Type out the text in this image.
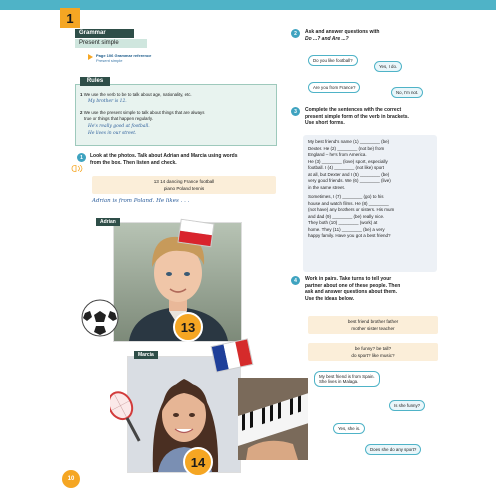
1
Grammar
Present simple
Page 106 Grammar reference
Present simple
Rules
1 We use the verb to be to talk about age, nationality, etc.
My brother is 12.
2 We use the present simple to talk about things that are always
true or things that happen regularly.
He's really good at football.
He lives in our street.
1	Look at the photos. Talk about Adrian and Marcia using words
from the box. Then listen and check.
13 14 dancing France football
piano Poland tennis
Adrian is from Poland. He likes . . .
Adrian
13
Marcia
14
2	Ask and answer questions with
Do ...? and Are ...?
Do you like football?
Yes, I do.
Are you from France?
No, I'm not.
3	Complete the sentences with the correct
present simple form of the verb in brackets.
Use short forms.
My best friend's name (1) ________ (be)
Dexter. He (2) ________ (not be) from
England – he's from America.
He (3) ________ (love) sport, especially
football. I (4) ________ (not like) sport
at all, but Dexter and I (5) ________ (be)
very good friends. We (6) ________ (live)
in the same street.
Sometimes, I (7) ________ (go) to his
house and watch films. He (8) ________
(not have) any brothers or sisters. His mum
and dad (9) ________ (be) really nice.
They both (10) ________ (work) at
home. They (11) ________ (be) a very
happy family. Have you got a best friend?
4	Work in pairs. Take turns to tell your
partner about one of these people. Then
ask and answer questions about them.
Use the ideas below.
best friend brother father
mother sister teacher
be funny? be tall?
do sport? like music?
My best friend is from Spain.
She lives in Malaga.
Is she funny?
Yes, she is.
Does she do any sport?
10
